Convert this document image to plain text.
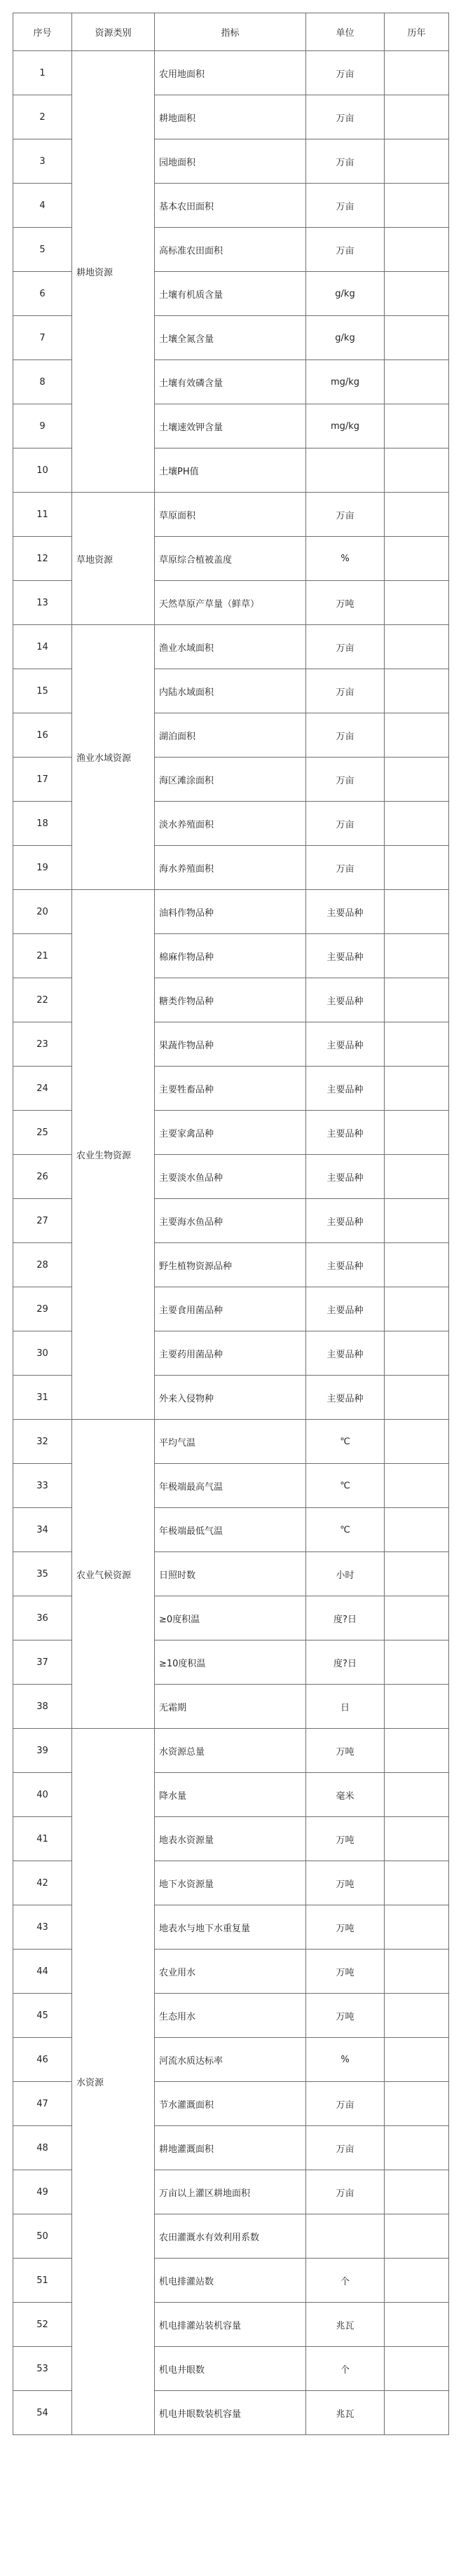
序号	资源类别	指标	单位	历年
1	耕地资源	农用地面积	万亩	
2		耕地面积	万亩	
3		园地面积	万亩	
4		基本农田面积	万亩	
5		高标准农田面积	万亩	
6		土壤有机质含量	g/kg	
7		土壤全氮含量	g/kg	
8		土壤有效磷含量	mg/kg	
9		土壤速效钾含量	mg/kg	
10		土壤PH值		
11	草地资源	草原面积	万亩	
12		草原综合植被盖度	%	
13		天然草原产草量（鲜草）	万吨	
14	渔业水域资源	渔业水域面积	万亩	
15		内陆水域面积	万亩	
16		湖泊面积	万亩	
17		海区滩涂面积	万亩	
18		淡水养殖面积	万亩	
19		海水养殖面积	万亩	
20	农业生物资源	油料作物品种	主要品种	
21		棉麻作物品种	主要品种	
22		糖类作物品种	主要品种	
23		果蔬作物品种	主要品种	
24		主要牲畜品种	主要品种	
25		主要家禽品种	主要品种	
26		主要淡水鱼品种	主要品种	
27		主要海水鱼品种	主要品种	
28		野生植物资源品种	主要品种	
29		主要食用菌品种	主要品种	
30		主要药用菌品种	主要品种	
31		外来入侵物种	主要品种	
32	农业气候资源	平均气温	℃	
33		年极端最高气温	℃	
34		年极端最低气温	℃	
35		日照时数	小时	
36		≥0度积温	度?日	
37		≥10度积温	度?日	
38		无霜期	日	
39	水资源	水资源总量	万吨	
40		降水量	毫米	
41		地表水资源量	万吨	
42		地下水资源量	万吨	
43		地表水与地下水重复量	万吨	
44		农业用水	万吨	
45		生态用水	万吨	
46		河流水质达标率	%	
47		节水灌溉面积	万亩	
48		耕地灌溉面积	万亩	
49		万亩以上灌区耕地面积	万亩	
50		农田灌溉水有效利用系数		
51		机电排灌站数	个	
52		机电排灌站装机容量	兆瓦	
53		机电井眼数	个	
54		机电井眼数装机容量	兆瓦	
